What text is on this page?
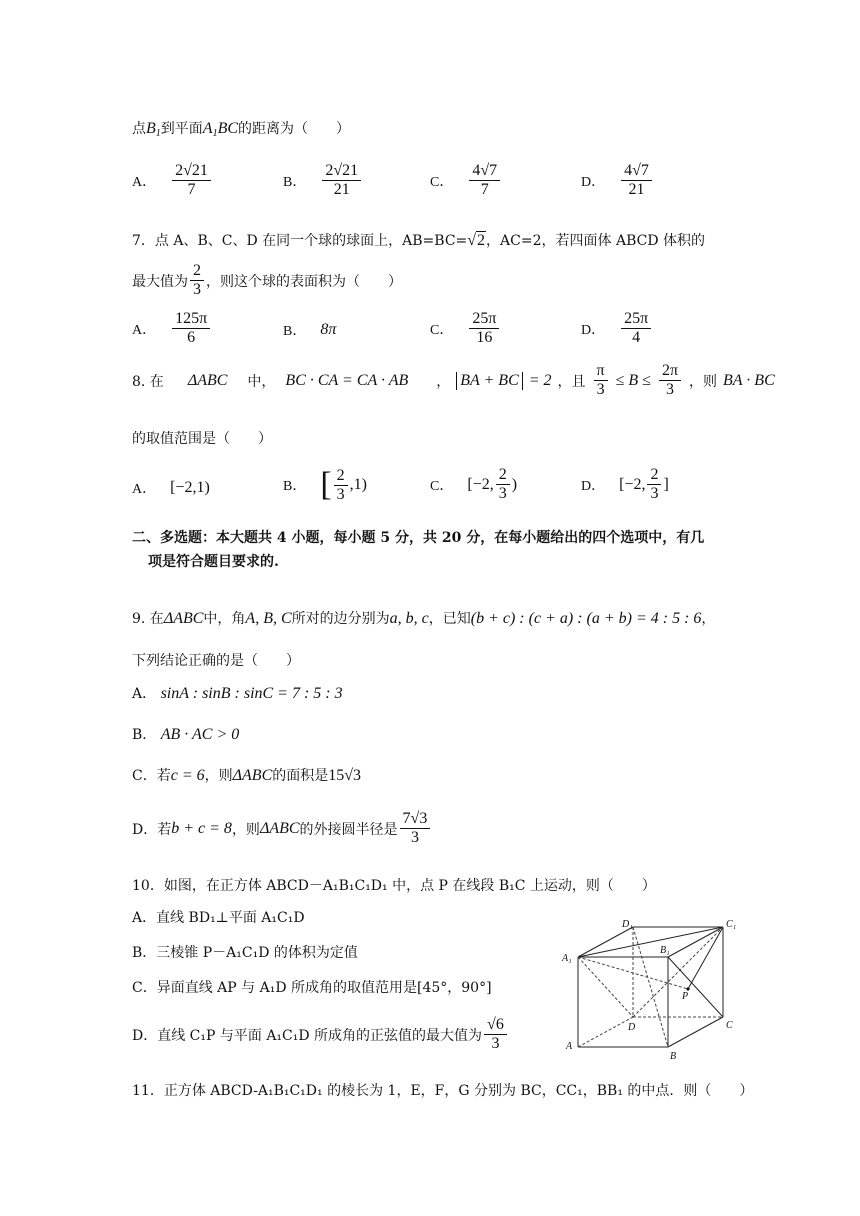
点$B_1$到平面$A_1BC$的距离为（　　）
A． $\frac{2√21}{7}$	B． $\frac{2√21}{21}$	C． $\frac{4√7}{7}$	D． $\frac{4√7}{21}$
7．点 A、B、C、D 在同一个球的球面上，AB=BC=√2，AC=2，若四面体 ABCD 体积的
最大值为 $\frac{2}{3}$ ，则这个球的表面积为（　　）
A． $\frac{125\pi}{6}$	B． 8π	C． $\frac{25\pi}{16}$	D． $\frac{25\pi}{4}$
8. 在 ΔABC 中， BC · CA = CA · AB ， BA + BC = 2 ，且 $\frac{\pi}{3} \le B \le \frac{2\pi}{3}$ ，则 BA · BC
的取值范围是（　　）
A． [−2,1)	B． [ $\frac{2}{3} ,1$)	C． [−2, $\frac{2}{3}$ )	D． [−2, $\frac{2}{3}$ ]
二、多选题：本大题共 4 小题，每小题 5 分，共 20 分，在每小题给出的四个选项中，有几
项是符合题目要求的.
9. 在ΔABC中，角A, B, C所对的边分别为a, b, c，已知(b + c) : (c + a) : (a + b) = 4 : 5 : 6，
下列结论正确的是（　　）
A． sinA : sinB : sinC = 7 : 5 : 3
B． AB · AC > 0
C．若c = 6，则ΔABC的面积是15√3
D．若 b + c = 8 ，则 ΔABC 的外接圆半径是 $\frac{7√3}{3}$
10．如图，在正方体 ABCD－A₁B₁C₁D₁ 中，点 P 在线段 B₁C 上运动，则（　　）
A．直线 BD₁⊥平面 A₁C₁D
B．三棱锥 P－A₁C₁D 的体积为定值
C．异面直线 AP 与 A₁D 所成角的取值范用是[45°，90°]
D．直线 C₁P 与平面 A₁C₁D 所成角的正弦值的最大值为 $\frac{√6}{3}$
D₁	C₁
A₁
B₁
P
D	C
A
B
11．正方体 ABCD-A₁B₁C₁D₁ 的棱长为 1，E，F，G 分别为 BC，CC₁，BB₁ 的中点．则（　　）
